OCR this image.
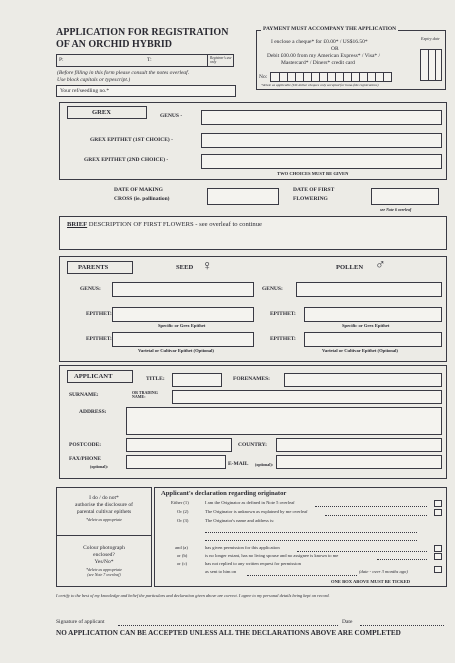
APPLICATION FOR REGISTRATION
OF AN ORCHID HYBRID
P:	T:	Registrar's use only
(Before filling in this form please consult the notes overleaf.
Use block capitals or typescript.)
Your ref/seedling no.*
PAYMENT MUST ACCOMPANY THE APPLICATION
I enclose a cheque* for £0.00* / US$16.50*
OR
Debit £00.00 from my American Express* / Visa* /
Mastercard* / Diners* credit card
No:
Expiry date
*delete as applicable (UK dollar cheques only accepted for bona-fide registrations)
GREX	GENUS -
GREX EPITHET (1ST CHOICE) -
GREX EPITHET (2ND CHOICE) -
TWO CHOICES MUST BE GIVEN
DATE OF MAKING
CROSS (ie. pollination)
DATE OF FIRST
FLOWERING
see Note 6 overleaf
BRIEF DESCRIPTION OF FIRST FLOWERS - see overleaf to continue
PARENTS	SEED ♀	POLLEN ♂
GENUS:	GENUS:
EPITHET:	EPITHET:
Specific or Grex Epithet	Specific or Grex Epithet
EPITHET:	EPITHET:
Varietal or Cultivar Epithet (Optional)	Varietal or Cultivar Epithet (Optional)
APPLICANT	TITLE:	FORENAMES:
SURNAME:	OR TRADING NAME:
ADDRESS:
POSTCODE:	COUNTRY:
FAX/PHONE
(optional):	E-MAIL (optional):
I do / do not*
authorise the disclosure of
parental cultivar epithets
*delete as appropriate
Colour photograph
enclosed?
Yes/No*
*delete as appropriate
(see Note 7 overleaf)
Applicant's declaration regarding originator
Either (1)	I am the Originator as defined in Note 5 overleaf
Or (2)	The Originator is unknown as explained by me overleaf
Or (3)	The Originator's name and address is:
and (a)	has given permission for this application
or (b)	is no longer extant, has no living spouse and no assignee is known to me
or (c)	has not replied to any written request for permission
as sent to him on	(date - over 3 months ago)
ONE BOX ABOVE MUST BE TICKED
I certify to the best of my knowledge and belief the particulars and declaration given above are correct. I agree to my personal details being kept on record.
Signature of applicant	Date
NO APPLICATION CAN BE ACCEPTED UNLESS ALL THE DECLARATIONS ABOVE ARE COMPLETED
